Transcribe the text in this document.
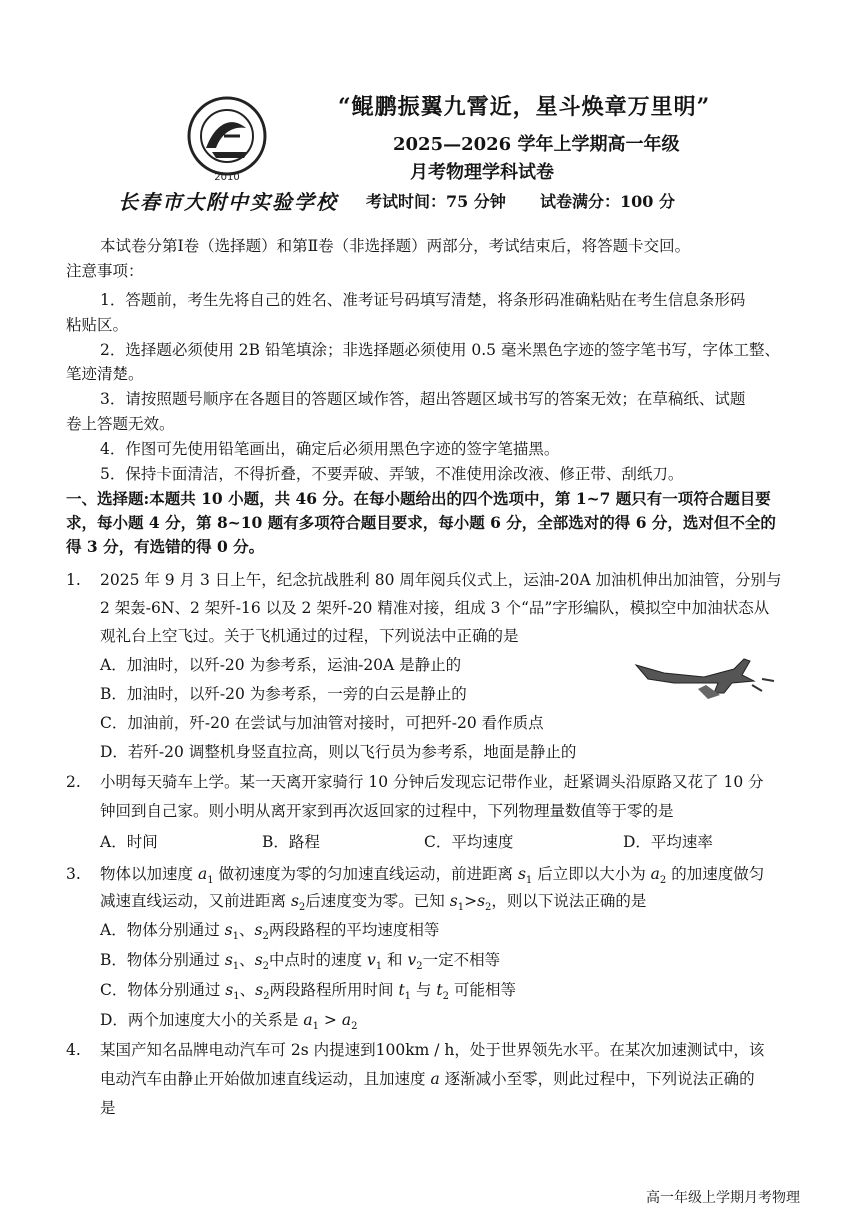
2010
长春市大附中实验学校
“鲲鹏振翼九霄近，星斗焕章万里明”
2025—2026 学年上学期高一年级
月考物理学科试卷
考试时间：75 分钟 试卷满分：100 分
本试卷分第Ⅰ卷（选择题）和第Ⅱ卷（非选择题）两部分，考试结束后，将答题卡交回。
注意事项：
1．答题前，考生先将自己的姓名、准考证号码填写清楚，将条形码准确粘贴在考生信息条形码
粘贴区。
2．选择题必须使用 2B 铅笔填涂；非选择题必须使用 0.5 毫米黑色字迹的签字笔书写，字体工整、
笔迹清楚。
3．请按照题号顺序在各题目的答题区域作答，超出答题区域书写的答案无效；在草稿纸、试题
卷上答题无效。
4．作图可先使用铅笔画出，确定后必须用黑色字迹的签字笔描黑。
5．保持卡面清洁，不得折叠，不要弄破、弄皱，不准使用涂改液、修正带、刮纸刀。
一、选择题:本题共 10 小题，共 46 分。在每小题给出的四个选项中，第 1~7 题只有一项符合题目要
求，每小题 4 分，第 8~10 题有多项符合题目要求，每小题 6 分，全部选对的得 6 分，选对但不全的
得 3 分，有选错的得 0 分。
1. 2025 年 9 月 3 日上午，纪念抗战胜利 80 周年阅兵仪式上，运油-20A 加油机伸出加油管，分别与
2 架轰-6N、2 架歼-16 以及 2 架歼-20 精准对接，组成 3 个“品”字形编队，模拟空中加油状态从
观礼台上空飞过。关于飞机通过的过程，下列说法中正确的是
A．加油时，以歼-20 为参考系，运油-20A 是静止的
B．加油时，以歼-20 为参考系，一旁的白云是静止的
C．加油前，歼-20 在尝试与加油管对接时，可把歼-20 看作质点
D．若歼-20 调整机身竖直拉高，则以飞行员为参考系，地面是静止的
2. 小明每天骑车上学。某一天离开家骑行 10 分钟后发现忘记带作业，赶紧调头沿原路又花了 10 分
钟回到自己家。则小明从离开家到再次返回家的过程中，下列物理量数值等于零的是
A．时间	B．路程	C．平均速度	D．平均速率
3. 物体以加速度 $a_1$ 做初速度为零的匀加速直线运动，前进距离 $s_1$ 后立即以大小为 $a_2$ 的加速度做匀
减速直线运动，又前进距离 $s_2$后速度变为零。已知 $s_1>s_2$，则以下说法正确的是
A．物体分别通过 $s_1$、$s_2$两段路程的平均速度相等
B．物体分别通过 $s_1$、$s_2$中点时的速度 $v_1$ 和 $v_2$一定不相等
C．物体分别通过 $s_1$、$s_2$两段路程所用时间 $t_1$ 与 $t_2$ 可能相等
D．两个加速度大小的关系是 $a_1 > a_2$
4. 某国产知名品牌电动汽车可 2s 内提速到100km / h，处于世界领先水平。在某次加速测试中，该
电动汽车由静止开始做加速直线运动，且加速度 a 逐渐减小至零，则此过程中，下列说法正确的
是
高一年级上学期月考物理
